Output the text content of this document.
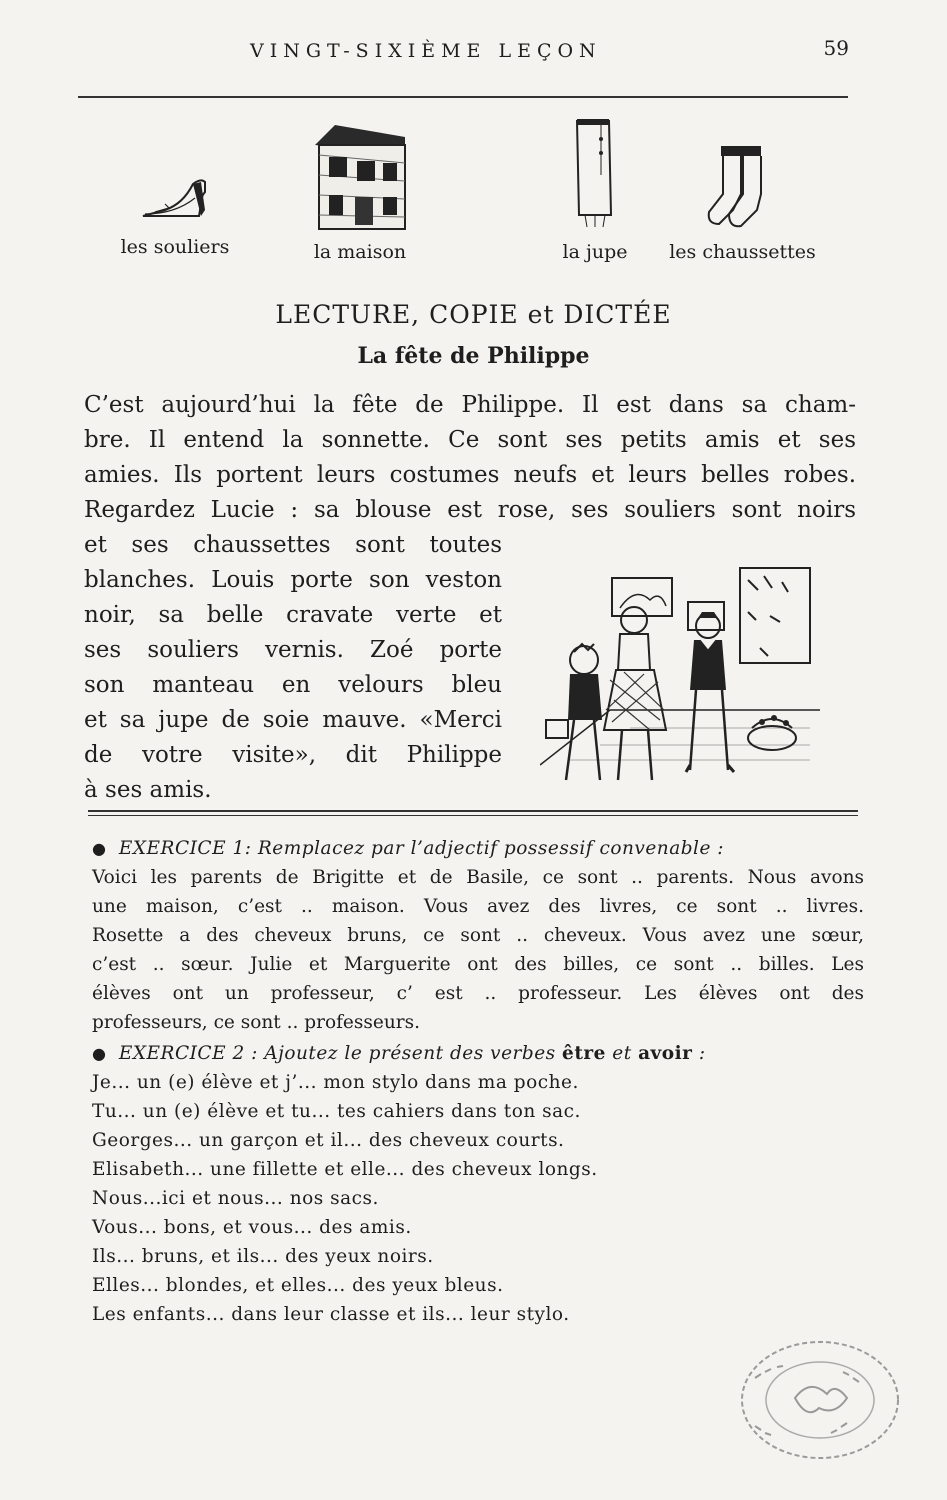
VINGT-SIXIÈME LEÇON	59
les souliers	la maison	la jupe	les chaussettes
LECTURE, COPIE et DICTÉE
La fête de Philippe
C’est aujourd’hui la fête de Philippe. Il est dans sa cham-
bre. Il entend la sonnette. Ce sont ses petits amis et ses
amies. Ils portent leurs costumes neufs et leurs belles robes.
Regardez Lucie : sa blouse est rose, ses souliers sont noirs
et ses chaussettes sont toutes
blanches. Louis porte son veston
noir, sa belle cravate verte et
ses souliers vernis. Zoé porte
son manteau en velours bleu
et sa jupe de soie mauve. «Merci
de votre visite», dit Philippe
à ses amis.
● EXERCICE 1: Remplacez par l’adjectif possessif convenable :
Voici les parents de Brigitte et de Basile, ce sont .. parents. Nous avons
une maison, c’est .. maison. Vous avez des livres, ce sont .. livres.
Rosette a des cheveux bruns, ce sont .. cheveux. Vous avez une sœur,
c’est .. sœur. Julie et Marguerite ont des billes, ce sont .. billes. Les
élèves ont un professeur, c’ est .. professeur. Les élèves ont des
professeurs, ce sont .. professeurs.
● EXERCICE 2 : Ajoutez le présent des verbes être et avoir :
Je... un (e) élève et j’... mon stylo dans ma poche.
Tu... un (e) élève et tu... tes cahiers dans ton sac.
Georges... un garçon et il... des cheveux courts.
Elisabeth... une fillette et elle... des cheveux longs.
Nous...ici et nous... nos sacs.
Vous... bons, et vous... des amis.
Ils... bruns, et ils... des yeux noirs.
Elles... blondes, et elles... des yeux bleus.
Les enfants... dans leur classe et ils... leur stylo.
